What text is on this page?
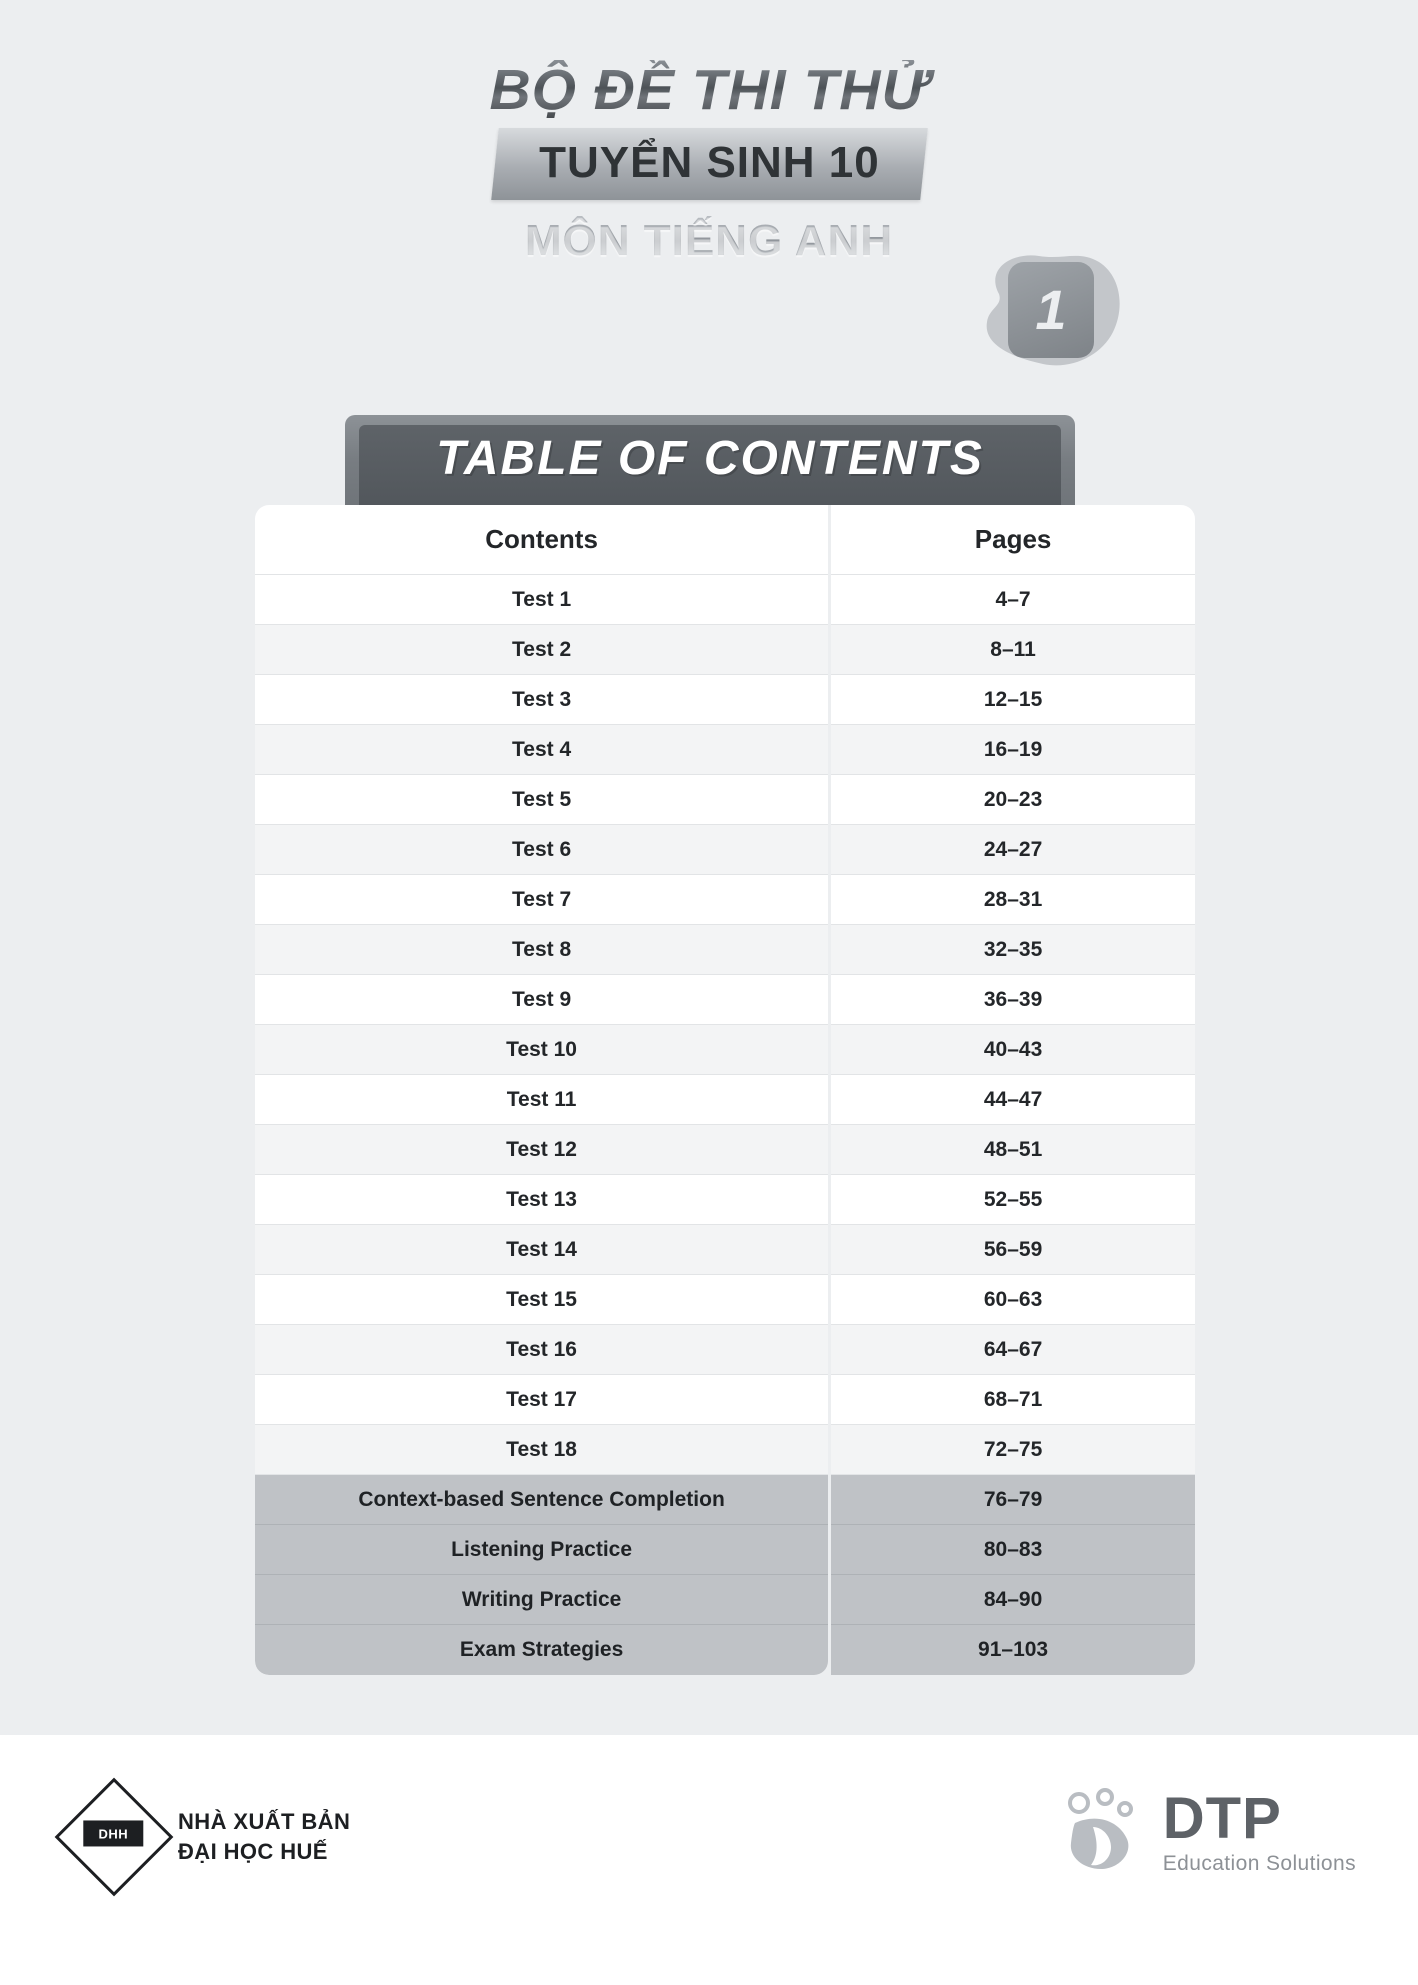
BỘ ĐỀ THI THỬ
TUYỂN SINH 10
MÔN TIẾNG ANH
1
TABLE OF CONTENTS
Contents	Pages
Test 1	4–7
Test 2	8–11
Test 3	12–15
Test 4	16–19
Test 5	20–23
Test 6	24–27
Test 7	28–31
Test 8	32–35
Test 9	36–39
Test 10	40–43
Test 11	44–47
Test 12	48–51
Test 13	52–55
Test 14	56–59
Test 15	60–63
Test 16	64–67
Test 17	68–71
Test 18	72–75
Context-based Sentence Completion	76–79
Listening Practice	80–83
Writing Practice	84–90
Exam Strategies	91–103
DHH NHÀ XUẤT BẢN
ĐẠI HỌC HUẾ
DTP
Education Solutions
